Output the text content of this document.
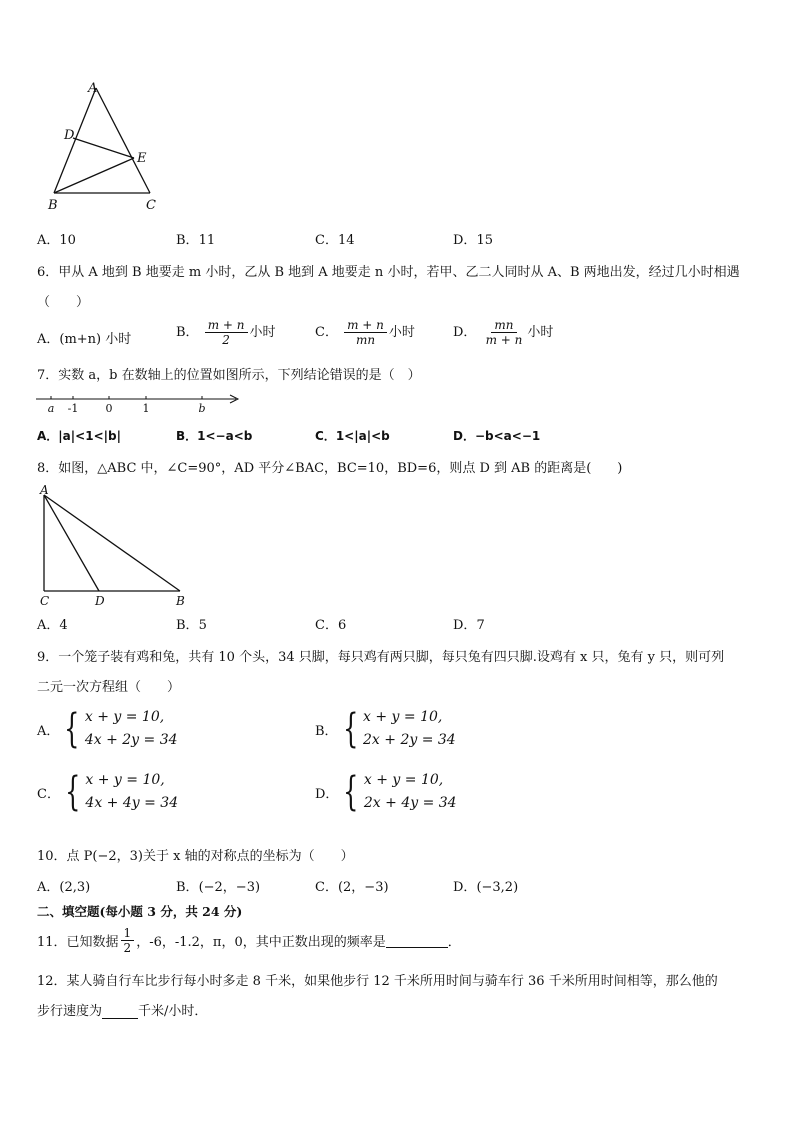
A
D
E
B	C
A．10	B．11	C．14	D．15
6．甲从 A 地到 B 地要走 m 小时，乙从 B 地到 A 地要走 n 小时，若甲、乙二人同时从 A、B 两地出发，经过几小时相遇
（　　）
A．(m+n) 小时	B． $\frac{m + n}{2}$ 小时	C． $\frac{m + n}{mn}$ 小时	D． $\frac{mn}{m + n}$ 小时
7．实数 a，b 在数轴上的位置如图所示，下列结论错误的是（　）
a -1 0	1	b
A．|a|<1<|b|	B．1<−a<b	C．1<|a|<b	D．−b<a<−1
8．如图，△ABC 中，∠C=90°，AD 平分∠BAC，BC=10，BD=6，则点 D 到 AB 的距离是(　　)
A
C	D	B
A．4	B．5	C．6	D．7
9．一个笼子装有鸡和兔，共有 10 个头，34 只脚，每只鸡有两只脚，每只兔有四只脚.设鸡有 x 只，兔有 y 只，则可列
二元一次方程组（　　）
A． { x + y = 10,
4x + 2y = 34
B． { x + y = 10,
2x + 2y = 34
C． { x + y = 10,
4x + 4y = 34
D． { x + y = 10,
2x + 4y = 34
10．点 P(−2，3)关于 x 轴的对称点的坐标为（　　）
A．(2,3)	B．(−2，−3)	C．(2，−3)	D．(−3,2)
二、填空题(每小题 3 分，共 24 分)
11．已知数据 $\frac{1}{2}$ ，-6，-1.2，π，0，其中正数出现的频率是	．
12．某人骑自行车比步行每小时多走 8 千米，如果他步行 12 千米所用时间与骑车行 36 千米所用时间相等，那么他的
步行速度为	千米/小时．
